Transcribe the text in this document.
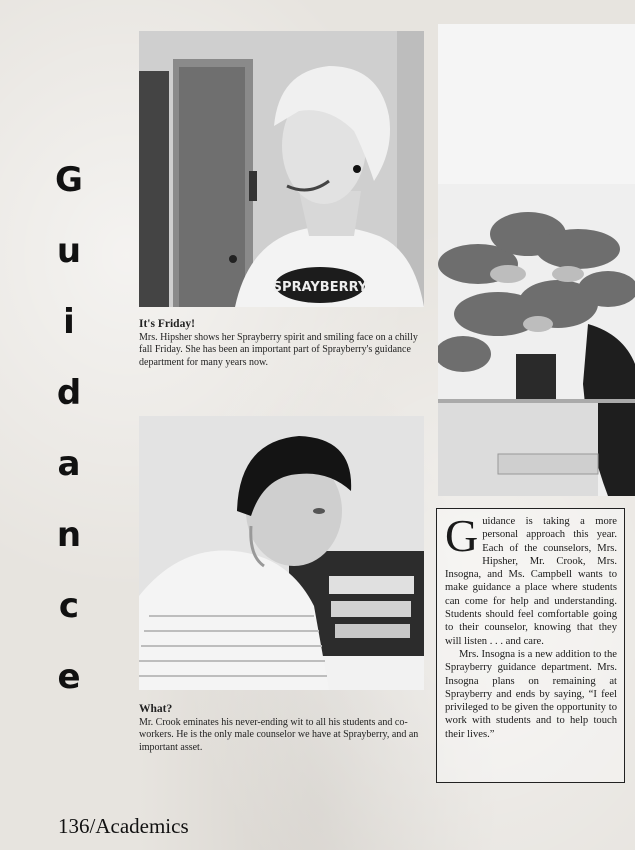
G
u
i
d
a
n
c
e
SPRAYBERRY
It's Friday!
Mrs. Hipsher shows her Sprayberry spirit and smiling face on a chilly fall Friday. She has been an important part of Sprayberry's guidance department for many years now.
What?
Mr. Crook eminates his never-ending wit to all his students and co-workers. He is the only male counselor we have at Sprayberry, and an important asset.

Guidance is taking a more personal approach this year. Each of the counselors, Mrs. Hipsher, Mr. Crook, Mrs. Insogna, and Ms. Campbell wants to make guidance a place where students can come for help and understanding. Students should feel comfortable going to their counselor, knowing that they will listen . . . and care.

Mrs. Insogna is a new addition to the Sprayberry guidance department. Mrs. Insogna plans on remaining at Sprayberry and ends by saying, “I feel privileged to be given the opportunity to work with students and to help touch their lives.”

136/Academics
